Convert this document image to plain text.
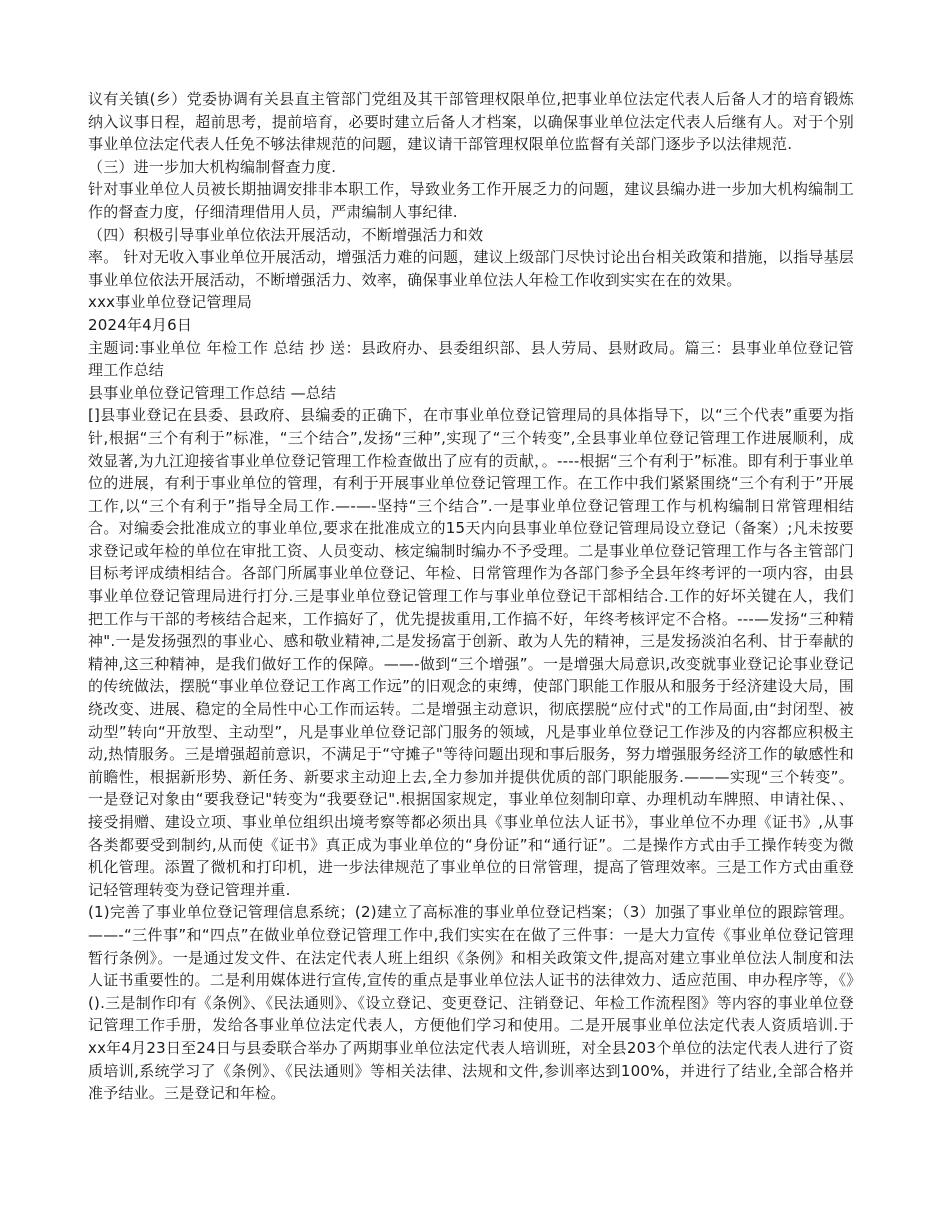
议有关镇(乡）党委协调有关县直主管部门党组及其干部管理权限单位,把事业单位法定代表人后备人才的培育锻炼纳入议事日程，超前思考，提前培育，必要时建立后备人才档案，以确保事业单位法定代表人后继有人。对于个别事业单位法定代表人任免不够法律规范的问题，建议请干部管理权限单位监督有关部门逐步予以法律规范.

（三）进一步加大机构编制督查力度.

针对事业单位人员被长期抽调安排非本职工作，导致业务工作开展乏力的问题，建议县编办进一步加大机构编制工作的督查力度，仔细清理借用人员，严肃编制人事纪律.

（四）积极引导事业单位依法开展活动，不断增强活力和效

率。 针对无收入事业单位开展活动，增强活力难的问题，建议上级部门尽快讨论出台相关政策和措施，以指导基层事业单位依法开展活动，不断增强活力、效率，确保事业单位法人年检工作收到实实在在的效果。

xxx事业单位登记管理局

2024年4月6日

主题词:事业单位 年检工作 总结 抄 送：县政府办、县委组织部、县人劳局、县财政局。篇三：县事业单位登记管理工作总结

县事业单位登记管理工作总结 —总结

[]县事业登记在县委、县政府、县编委的正确下，在市事业单位登记管理局的具体指导下，以“三个代表”重要为指针,根据“三个有利于”标准，“三个结合”,发扬“三种”,实现了“三个转变”,全县事业单位登记管理工作进展顺利，成效显著,为九江迎接省事业单位登记管理工作检查做出了应有的贡献，。----根据“三个有利于”标准。即有利于事业单位的进展，有利于事业单位的管理，有利于开展事业单位登记管理工作。在工作中我们紧紧围绕“三个有利于”开展工作,以“三个有利于”指导全局工作.—-—-坚持“三个结合”.一是事业单位登记管理工作与机构编制日常管理相结合。对编委会批准成立的事业单位,要求在批准成立的15天内向县事业单位登记管理局设立登记（备案）;凡未按要求登记或年检的单位在审批工资、人员变动、核定编制时编办不予受理。二是事业单位登记管理工作与各主管部门目标考评成绩相结合。各部门所属事业单位登记、年检、日常管理作为各部门参予全县年终考评的一项内容，由县事业单位登记管理局进行打分.三是事业单位登记管理工作与事业单位登记干部相结合.工作的好坏关键在人，我们把工作与干部的考核结合起来，工作搞好了，优先提拔重用,工作搞不好，年终考核评定不合格。---—发扬“三种精神".一是发扬强烈的事业心、感和敬业精神,二是发扬富于创新、敢为人先的精神，三是发扬淡泊名利、甘于奉献的精神,这三种精神，是我们做好工作的保障。——-做到“三个增强”。一是增强大局意识,改变就事业登记论事业登记的传统做法，摆脱“事业单位登记工作离工作远”的旧观念的束缚，使部门职能工作服从和服务于经济建设大局，围绕改变、进展、稳定的全局性中心工作而运转。二是增强主动意识，彻底摆脱“应付式"的工作局面,由“封闭型、被动型”转向“开放型、主动型”，凡是事业单位登记部门服务的领域，凡是事业单位登记工作涉及的内容都应积极主动,热情服务。三是增强超前意识，不满足于“守摊子"等待问题出现和事后服务，努力增强服务经济工作的敏感性和前瞻性，根据新形势、新任务、新要求主动迎上去,全力参加并提供优质的部门职能服务.———实现“三个转变”。一是登记对象由“要我登记"转变为“我要登记".根据国家规定，事业单位刻制印章、办理机动车牌照、申请社保、、接受捐赠、建设立项、事业单位组织出境考察等都必须出具《事业单位法人证书》，事业单位不办理《证书》,从事各类都要受到制约,从而使《证书》真正成为事业单位的“身份证”和“通行证”。二是操作方式由手工操作转变为微机化管理。添置了微机和打印机，进一步法律规范了事业单位的日常管理，提高了管理效率。三是工作方式由重登记轻管理转变为登记管理并重.

(1)完善了事业单位登记管理信息系统；(2)建立了高标准的事业单位登记档案；（3）加强了事业单位的跟踪管理。——-“三件事”和“四点”在做业单位登记管理工作中,我们实实在在做了三件事：一是大力宣传《事业单位登记管理暂行条例》。一是通过发文件、在法定代表人班上组织《条例》和相关政策文件,提高对建立事业单位法人制度和法人证书重要性的。二是利用媒体进行宣传,宣传的重点是事业单位法人证书的法律效力、适应范围、申办程序等，《》().三是制作印有《条例》、《民法通则》、《设立登记、变更登记、注销登记、年检工作流程图》等内容的事业单位登记管理工作手册，发给各事业单位法定代表人，方便他们学习和使用。二是开展事业单位法定代表人资质培训.于xx年4月23日至24日与县委联合举办了两期事业单位法定代表人培训班，对全县203个单位的法定代表人进行了资质培训,系统学习了《条例》、《民法通则》等相关法律、法规和文件,参训率达到100%，并进行了结业,全部合格并准予结业。三是登记和年检。
